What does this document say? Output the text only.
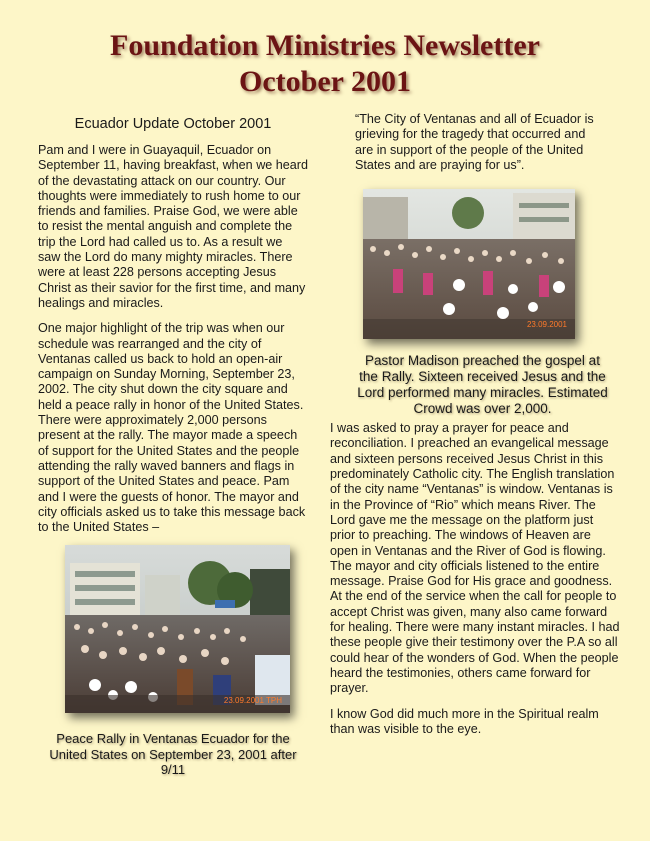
Foundation Ministries Newsletter
October 2001
Ecuador Update October 2001

Pam and I were in Guayaquil, Ecuador on September 11, having breakfast, when we heard of the devastating attack on our country. Our thoughts were immediately to rush home to our friends and families. Praise God, we were able to resist the mental anguish and complete the trip the Lord had called us to. As a result we saw the Lord do many mighty miracles. There were at least 228 persons accepting Jesus Christ as their savior for the first time, and many healings and miracles.

One major highlight of the trip was when our schedule was rearranged and the city of Ventanas called us back to hold an open-air campaign on Sunday Morning, September 23, 2002. The city shut down the city square and held a peace rally in honor of the United States. There were approximately 2,000 persons present at the rally. The mayor made a speech of support for the United States and the people attending the rally waved banners and flags in support of the United States and peace. Pam and I were the guests of honor. The mayor and city officials asked us to take this message back to the United States –

23.09.2001 TPH
Peace Rally in Ventanas Ecuador for the United States on September 23, 2001 after 9/11

“The City of Ventanas and all of Ecuador is grieving for the tragedy that occurred and are in support of the people of the United States and are praying for us”.

23.09.2001
Pastor Madison preached the gospel at the Rally. Sixteen received Jesus and the Lord performed many miracles. Estimated Crowd was over 2,000.

I was asked to pray a prayer for peace and reconciliation. I preached an evangelical message and sixteen persons received Jesus Christ in this predominately Catholic city. The English translation of the city name “Ventanas” is window. Ventanas is in the Province of “Rio” which means River. The Lord gave me the message on the platform just prior to preaching. The windows of Heaven are open in Ventanas and the River of God is flowing. The mayor and city officials listened to the entire message. Praise God for His grace and goodness. At the end of the service when the call for people to accept Christ was given, many also came forward for healing. There were many instant miracles. I had these people give their testimony over the P.A so all could hear of the wonders of God. When the people heard the testimonies, others came forward for prayer.

I know God did much more in the Spiritual realm than was visible to the eye.
